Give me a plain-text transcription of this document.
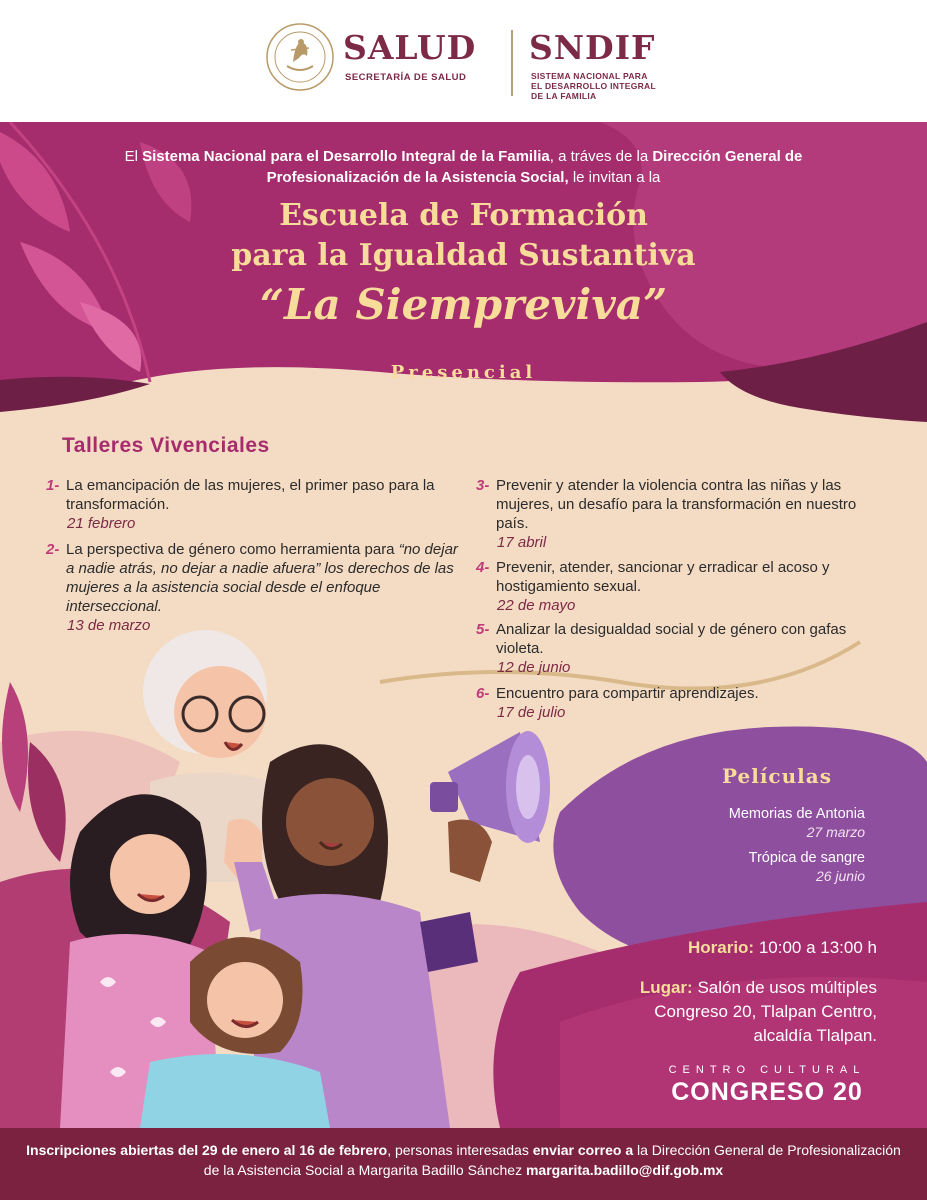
SALUD
SECRETARÍA DE SALUD
SNDIF
SISTEMA NACIONAL PARA
EL DESARROLLO INTEGRAL
DE LA FAMILIA
El Sistema Nacional para el Desarrollo Integral de la Familia, a tráves de la Dirección General de Profesionalización de la Asistencia Social, le invitan a la
Escuela de Formación
para la Igualdad Sustantiva
“La Siempreviva”
Presencial
Talleres Vivenciales
1- La emancipación de las mujeres, el primer paso para la transformación.
21 febrero
2- La perspectiva de género como herramienta para “no dejar a nadie atrás, no dejar a nadie afuera” los derechos de las mujeres a la asistencia social desde el enfoque interseccional.
13 de marzo
3- Prevenir y atender la violencia contra las niñas y las mujeres, un desafío para la transformación en nuestro país.
17 abril
4- Prevenir, atender, sancionar y erradicar el acoso y hostigamiento sexual.
22 de mayo
5- Analizar la desigualdad social y de género con gafas violeta.
12 de junio
6- Encuentro para compartir aprendizajes.
17 de julio
Películas
Memorias de Antonia
27 marzo
Trópica de sangre
26 junio
Horario: 10:00 a 13:00 h
Lugar: Salón de usos múltiples
Congreso 20, Tlalpan Centro,
alcaldía Tlalpan.
CENTRO CULTURAL
CONGRESO 20
Inscripciones abiertas del 29 de enero al 16 de febrero, personas interesadas enviar correo a la Dirección General de Profesionalización de la Asistencia Social a Margarita Badillo Sánchez margarita.badillo@dif.gob.mx
